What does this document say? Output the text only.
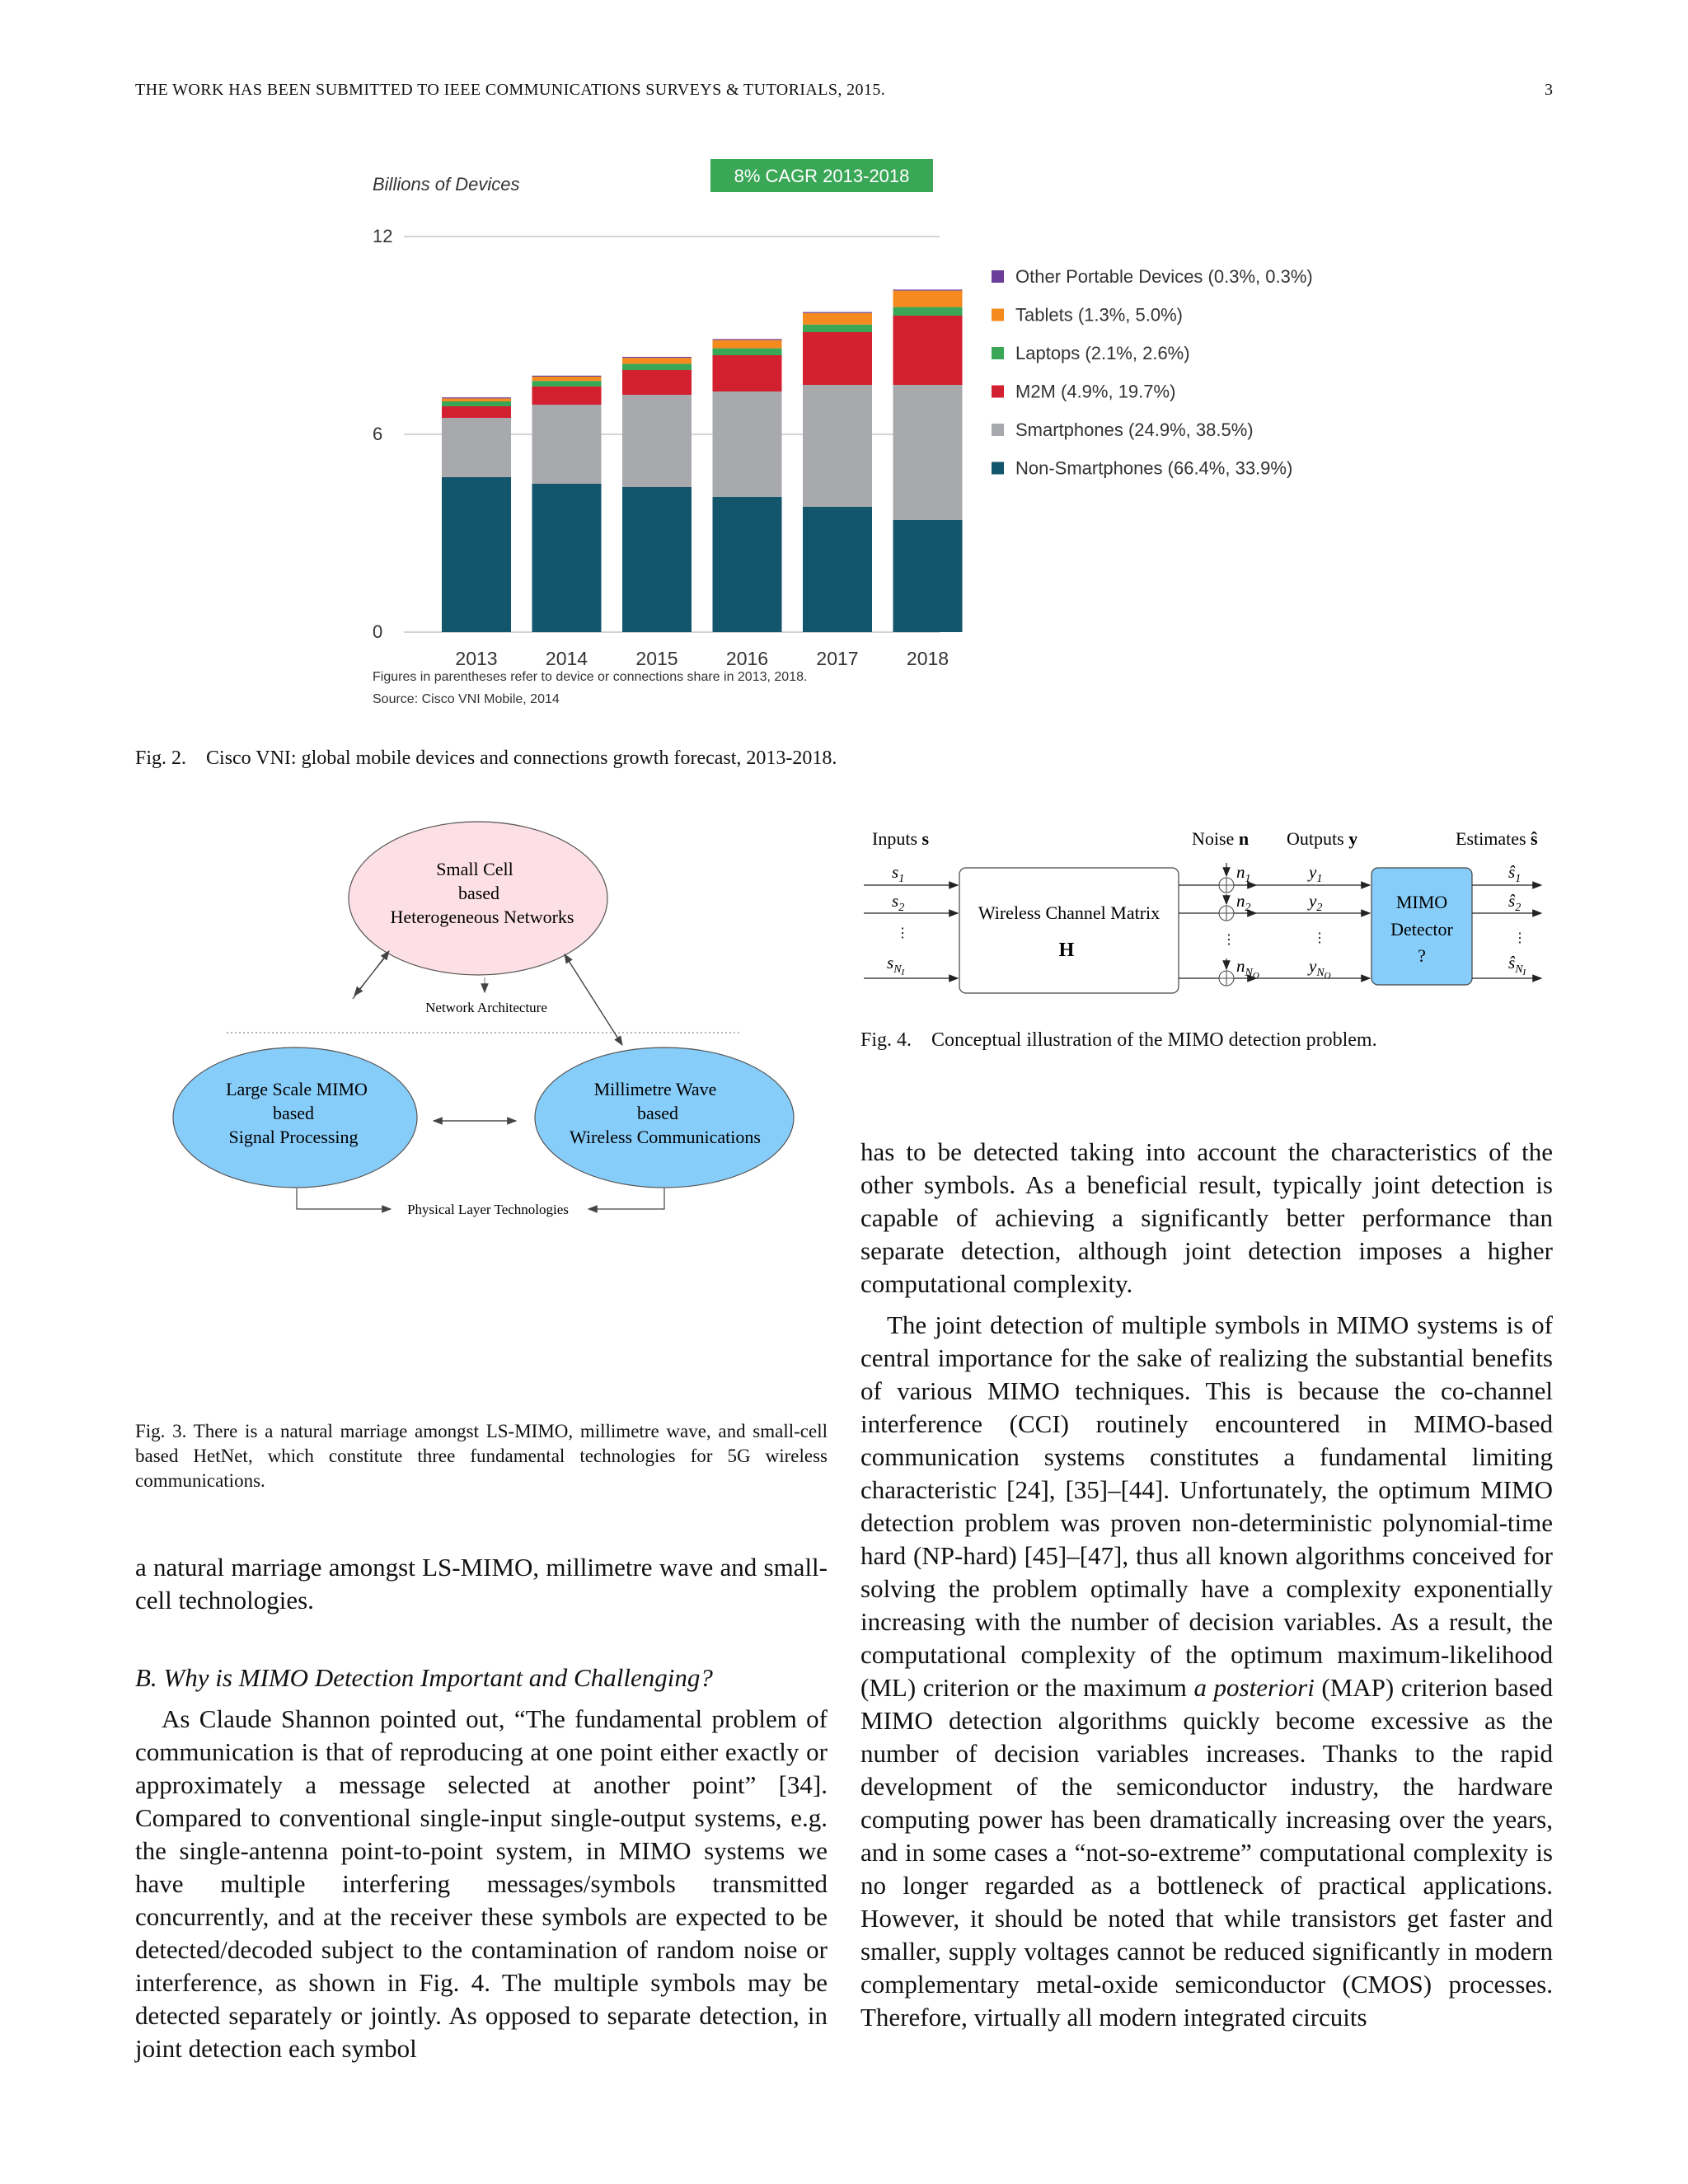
THE WORK HAS BEEN SUBMITTED TO IEEE COMMUNICATIONS SURVEYS & TUTORIALS, 2015.	3
Billions of Devices	8% CAGR 2013-2018
0
6
12
2013	2014	2015	2016	2017	2018
Other Portable Devices (0.3%, 0.3%)
Tablets (1.3%, 5.0%)
Laptops (2.1%, 2.6%)
M2M (4.9%, 19.7%)
Smartphones (24.9%, 38.5%)
Non-Smartphones (66.4%, 33.9%)
Figures in parentheses refer to device or connections share in 2013, 2018.
Source: Cisco VNI Mobile, 2014
Fig. 2.    Cisco VNI: global mobile devices and connections growth forecast, 2013-2018.
Small Cell
based
Heterogeneous Networks
Network Architecture
Large Scale MIMO
based
Signal Processing
Millimetre Wave
based
Wireless Communications
Physical Layer Technologies
Fig. 3. There is a natural marriage amongst LS-MIMO, millimetre wave, and small-cell based HetNet, which constitute three fundamental technologies for 5G wireless communications.
Inputs s	Noise n Outputs y	Estimates ŝ
$s_1$
$s_2$
⋮
$s_{N_I}$
Wireless Channel Matrix
H	⋮
$n_1$
$n_2$
$n_{N_O}$
$y_1$
$y_2$
⋮
$y_{N_O}$
MIMO
Detector
?
$ŝ_1$
$ŝ_2$
⋮
$ŝ_{N_I}$
Fig. 4.    Conceptual illustration of the MIMO detection problem.

a natural marriage amongst LS-MIMO, millimetre wave and small-cell technologies.

B. Why is MIMO Detection Important and Challenging?

As Claude Shannon pointed out, “The fundamental problem of communication is that of reproducing at one point either exactly or approximately a message selected at another point” [34]. Compared to conventional single-input single-output systems, e.g. the single-antenna point-to-point system, in MIMO systems we have multiple interfering messages/symbols transmitted concurrently, and at the receiver these symbols are expected to be detected/decoded subject to the contamination of random noise or interference, as shown in Fig. 4. The multiple symbols may be detected separately or jointly. As opposed to separate detection, in joint detection each symbol

has to be detected taking into account the characteristics of the other symbols. As a beneficial result, typically joint detection is capable of achieving a significantly better performance than separate detection, although joint detection imposes a higher computational complexity.

The joint detection of multiple symbols in MIMO systems is of central importance for the sake of realizing the substantial benefits of various MIMO techniques. This is because the co-channel interference (CCI) routinely encountered in MIMO-based communication systems constitutes a fundamental limiting characteristic [24], [35]–[44]. Unfortunately, the optimum MIMO detection problem was proven non-deterministic polynomial-time hard (NP-hard) [45]–[47], thus all known algorithms conceived for solving the problem optimally have a complexity exponentially increasing with the number of decision variables. As a result, the computational complexity of the optimum maximum-likelihood (ML) criterion or the maximum a posteriori (MAP) criterion based MIMO detection algorithms quickly become excessive as the number of decision variables increases. Thanks to the rapid development of the semiconductor industry, the hardware computing power has been dramatically increasing over the years, and in some cases a “not-so-extreme” computational complexity is no longer regarded as a bottleneck of practical applications. However, it should be noted that while transistors get faster and smaller, supply voltages cannot be reduced significantly in modern complementary metal-oxide semiconductor (CMOS) processes. Therefore, virtually all modern integrated circuits
